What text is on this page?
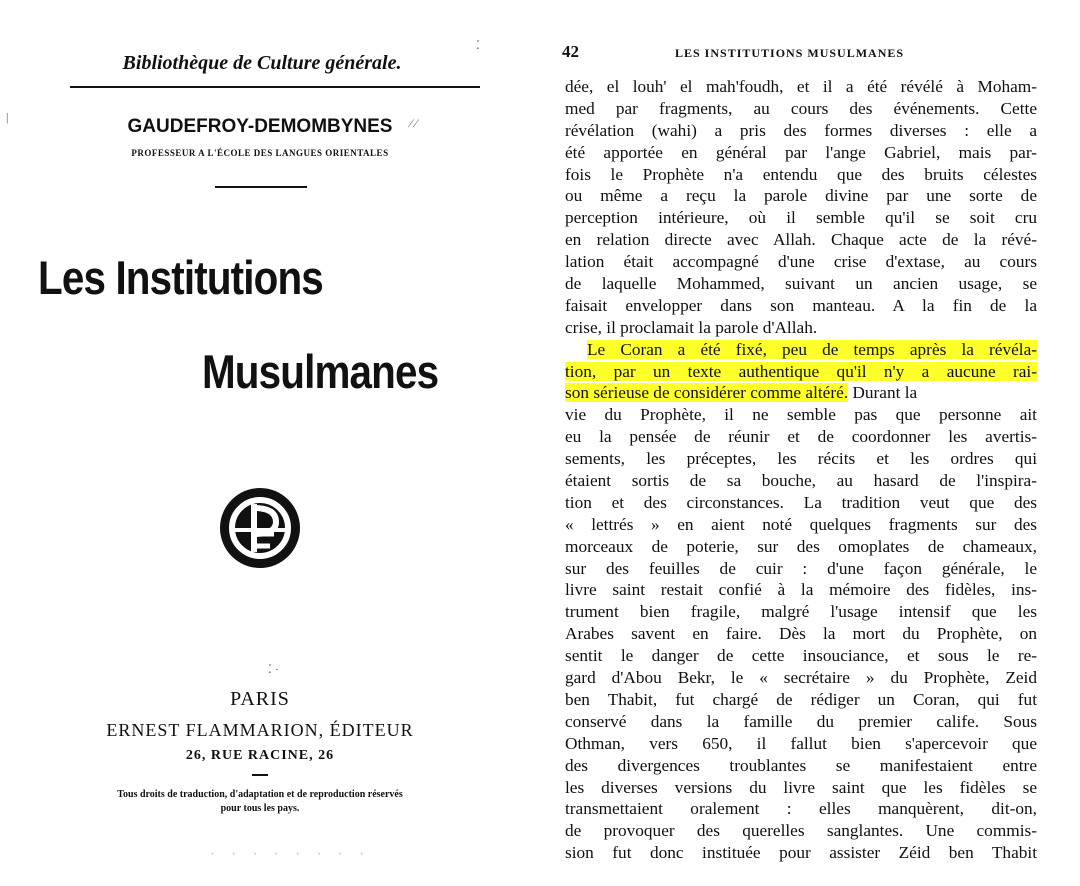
Bibliothèque de Culture générale.
GAUDEFROY-DEMOMBYNES
PROFESSEUR A L'ÉCOLE DES LANGUES ORIENTALES
Les Institutions
Musulmanes
PARIS
ERNEST FLAMMARION, ÉDITEUR
26, RUE RACINE, 26
Tous droits de traduction, d'adaptation et de reproduction réservés
pour tous les pays.
· · · · · · · ·
⁚
|	⁄ ⁄
⁚ ·
42	LES INSTITUTIONS MUSULMANES
dée, el louh' el mah'foudh, et il a été révélé à Moham-
med par fragments, au cours des événements. Cette
révélation (wahi) a pris des formes diverses : elle a
été apportée en général par l'ange Gabriel, mais par-
fois le Prophète n'a entendu que des bruits célestes
ou même a reçu la parole divine par une sorte de
perception intérieure, où il semble qu'il se soit cru
en relation directe avec Allah. Chaque acte de la révé-
lation était accompagné d'une crise d'extase, au cours
de laquelle Mohammed, suivant un ancien usage, se
faisait envelopper dans son manteau. A la fin de la
crise, il proclamait la parole d'Allah.
Le Coran a été fixé, peu de temps après la révéla-
tion, par un texte authentique qu'il n'y a aucune rai-
son sérieuse de considérer comme altéré. Durant la
vie du Prophète, il ne semble pas que personne ait
eu la pensée de réunir et de coordonner les avertis-
sements, les préceptes, les récits et les ordres qui
étaient sortis de sa bouche, au hasard de l'inspira-
tion et des circonstances. La tradition veut que des
« lettrés » en aient noté quelques fragments sur des
morceaux de poterie, sur des omoplates de chameaux,
sur des feuilles de cuir : d'une façon générale, le
livre saint restait confié à la mémoire des fidèles, ins-
trument bien fragile, malgré l'usage intensif que les
Arabes savent en faire. Dès la mort du Prophète, on
sentit le danger de cette insouciance, et sous le re-
gard d'Abou Bekr, le « secrétaire » du Prophète, Zeid
ben Thabit, fut chargé de rédiger un Coran, qui fut
conservé dans la famille du premier calife. Sous
Othman, vers 650, il fallut bien s'apercevoir que
des divergences troublantes se manifestaient entre
les diverses versions du livre saint que les fidèles se
transmettaient oralement : elles manquèrent, dit-on,
de provoquer des querelles sanglantes. Une commis-
sion fut donc instituée pour assister Zéid ben Thabit
